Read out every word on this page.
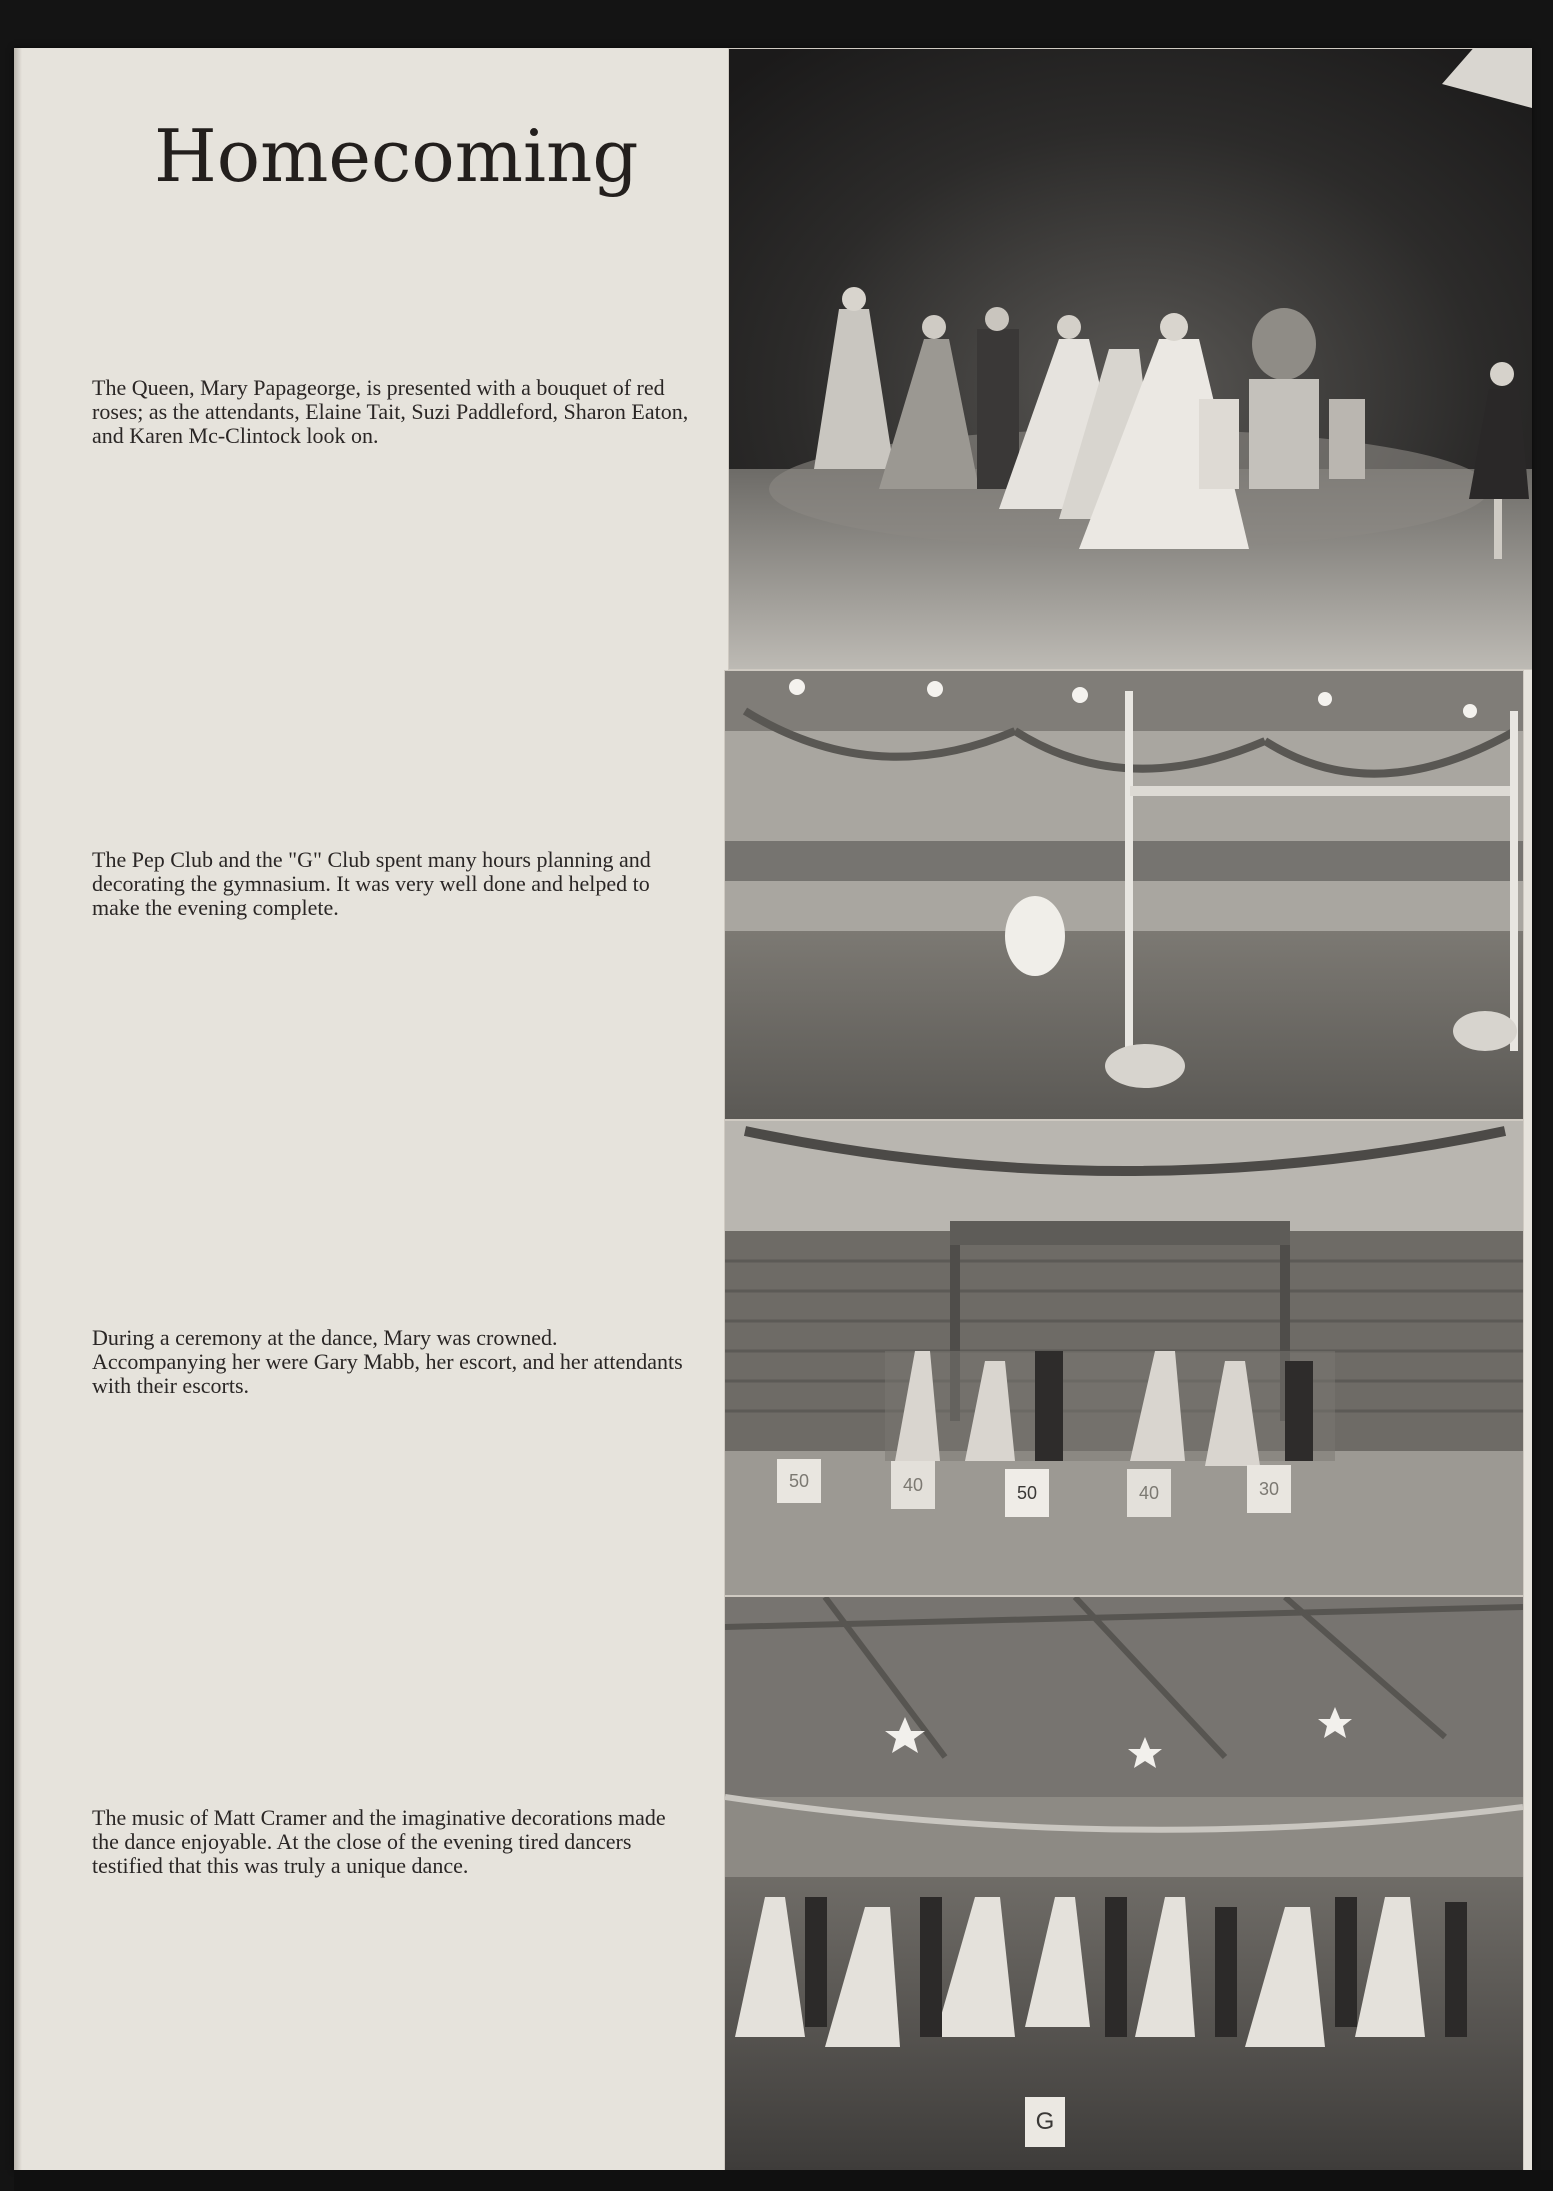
Homecoming

The Queen, Mary Papageorge, is presented with a bouquet of red roses; as the attendants, Elaine Tait, Suzi Paddleford, Sharon Eaton, and Karen Mc-Clintock look on.

The Pep Club and the "G" Club spent many hours planning and decorating the gymnasium. It was very well done and helped to make the evening complete.

During a ceremony at the dance, Mary was crowned. Accompanying her were Gary Mabb, her escort, and her attendants with their escorts.

The music of Matt Cramer and the imaginative decorations made the dance enjoyable. At the close of the evening tired dancers testified that this was truly a unique dance.

50	40	50	40	30
G
